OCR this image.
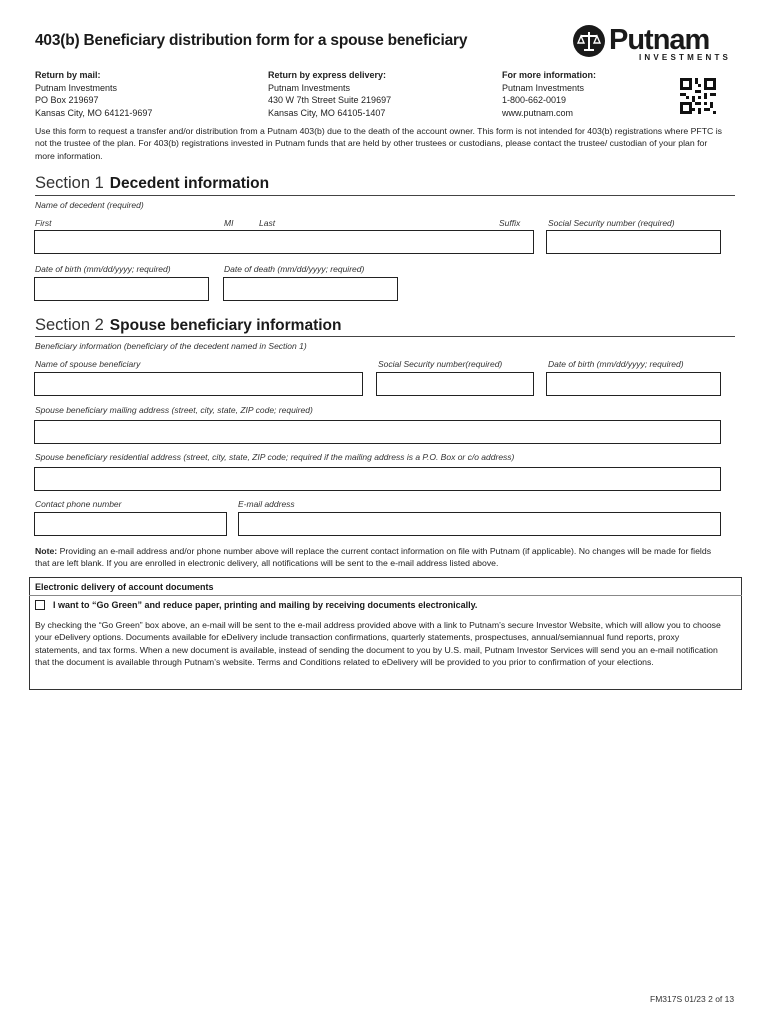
403(b) Beneficiary distribution form for a spouse beneficiary	Putnam
INVESTMENTS
Return by mail:
Putnam Investments
PO Box 219697
Kansas City, MO 64121-9697
Return by express delivery:
Putnam Investments
430 W 7th Street Suite 219697
Kansas City, MO 64105-1407
For more information:
Putnam Investments
1-800-662-0019
www.putnam.com
Use this form to request a transfer and/or distribution from a Putnam 403(b) due to the death of the account owner. This form is not intended for 403(b) registrations where PFTC is not the trustee of the plan. For 403(b) registrations invested in Putnam funds that are held by other trustees or custodians, please contact the trustee/ custodian of your plan for more information.
Section 1 Decedent information
Name of decedent (required)
First	MI	Last	Suffix	Social Security number (required)
Date of birth (mm/dd/yyyy; required)	Date of death (mm/dd/yyyy; required)
Section 2 Spouse beneficiary information
Beneficiary information (beneficiary of the decedent named in Section 1)
Name of spouse beneficiary	Social Security number(required)	Date of birth (mm/dd/yyyy; required)
Spouse beneficiary mailing address (street, city, state, ZIP code; required)
Spouse beneficiary residential address (street, city, state, ZIP code; required if the mailing address is a P.O. Box or c/o address)
Contact phone number	E-mail address
Note: Providing an e-mail address and/or phone number above will replace the current contact information on file with Putnam (if applicable). No changes will be made for fields that are left blank. If you are enrolled in electronic delivery, all notifications will be sent to the e-mail address listed above.
Electronic delivery of account documents
I want to “Go Green” and reduce paper, printing and mailing by receiving documents electronically.
By checking the “Go Green” box above, an e-mail will be sent to the e-mail address provided above with a link to Putnam’s secure Investor Website, which will allow you to choose your eDelivery options. Documents available for eDelivery include transaction confirmations, quarterly statements, prospectuses, annual/semiannual fund reports, proxy statements, and tax forms. When a new document is available, instead of sending the document to you by U.S. mail, Putnam Investor Services will send you an e-mail notification that the document is available through Putnam’s website. Terms and Conditions related to eDelivery will be provided to you prior to confirmation of your elections.
FM317S 01/23 2 of 13
